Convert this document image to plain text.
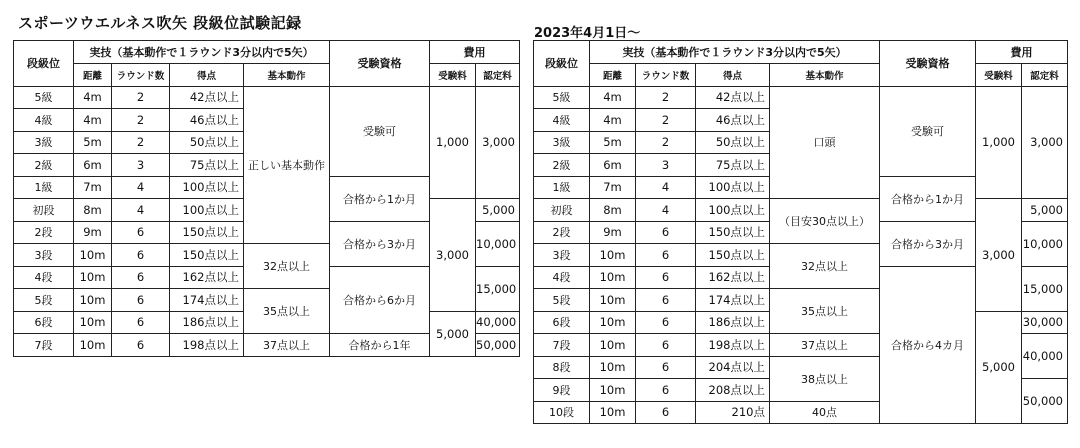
スポーツウエルネス吹矢 段級位試験記録
2023年4月1日～
段級位	実技（基本動作で１ラウンド3分以内で5矢）				受験資格	費用	
	距離	ラウンド数	得点	基本動作		受験料	認定料
5級	4m	2	42点以上	正しい基本動作	受験可	1,000	3,000
4級	4m	2	46点以上				
3級	5m	2	50点以上				
2級	6m	3	75点以上				
1級	7m	4	100点以上		合格から1か月		
初段	8m	4	100点以上			3,000	5,000
2段	9m	6	150点以上		合格から3か月		10,000
3段	10m	6	150点以上	32点以上			
4段	10m	6	162点以上		合格から6か月		15,000
5段	10m	6	174点以上	35点以上			
6段	10m	6	186点以上			5,000	40,000
7段	10m	6	198点以上	37点以上	合格から1年		50,000
段級位	実技（基本動作で１ラウンド3分以内で5矢）				受験資格	費用	
	距離	ラウンド数	得点	基本動作		受験料	認定料
5級	4m	2	42点以上	口頭	受験可	1,000	3,000
4級	4m	2	46点以上				
3級	5m	2	50点以上				
2級	6m	3	75点以上				
1級	7m	4	100点以上		合格から1か月		
初段	8m	4	100点以上	（目安30点以上）		3,000	5,000
2段	9m	6	150点以上		合格から3か月		10,000
3段	10m	6	150点以上	32点以上			
4段	10m	6	162点以上		合格から4カ月		15,000
5段	10m	6	174点以上	35点以上			
6段	10m	6	186点以上			5,000	30,000
7段	10m	6	198点以上	37点以上			40,000
8段	10m	6	204点以上	38点以上			
9段	10m	6	208点以上				50,000
10段	10m	6	210点	40点			
